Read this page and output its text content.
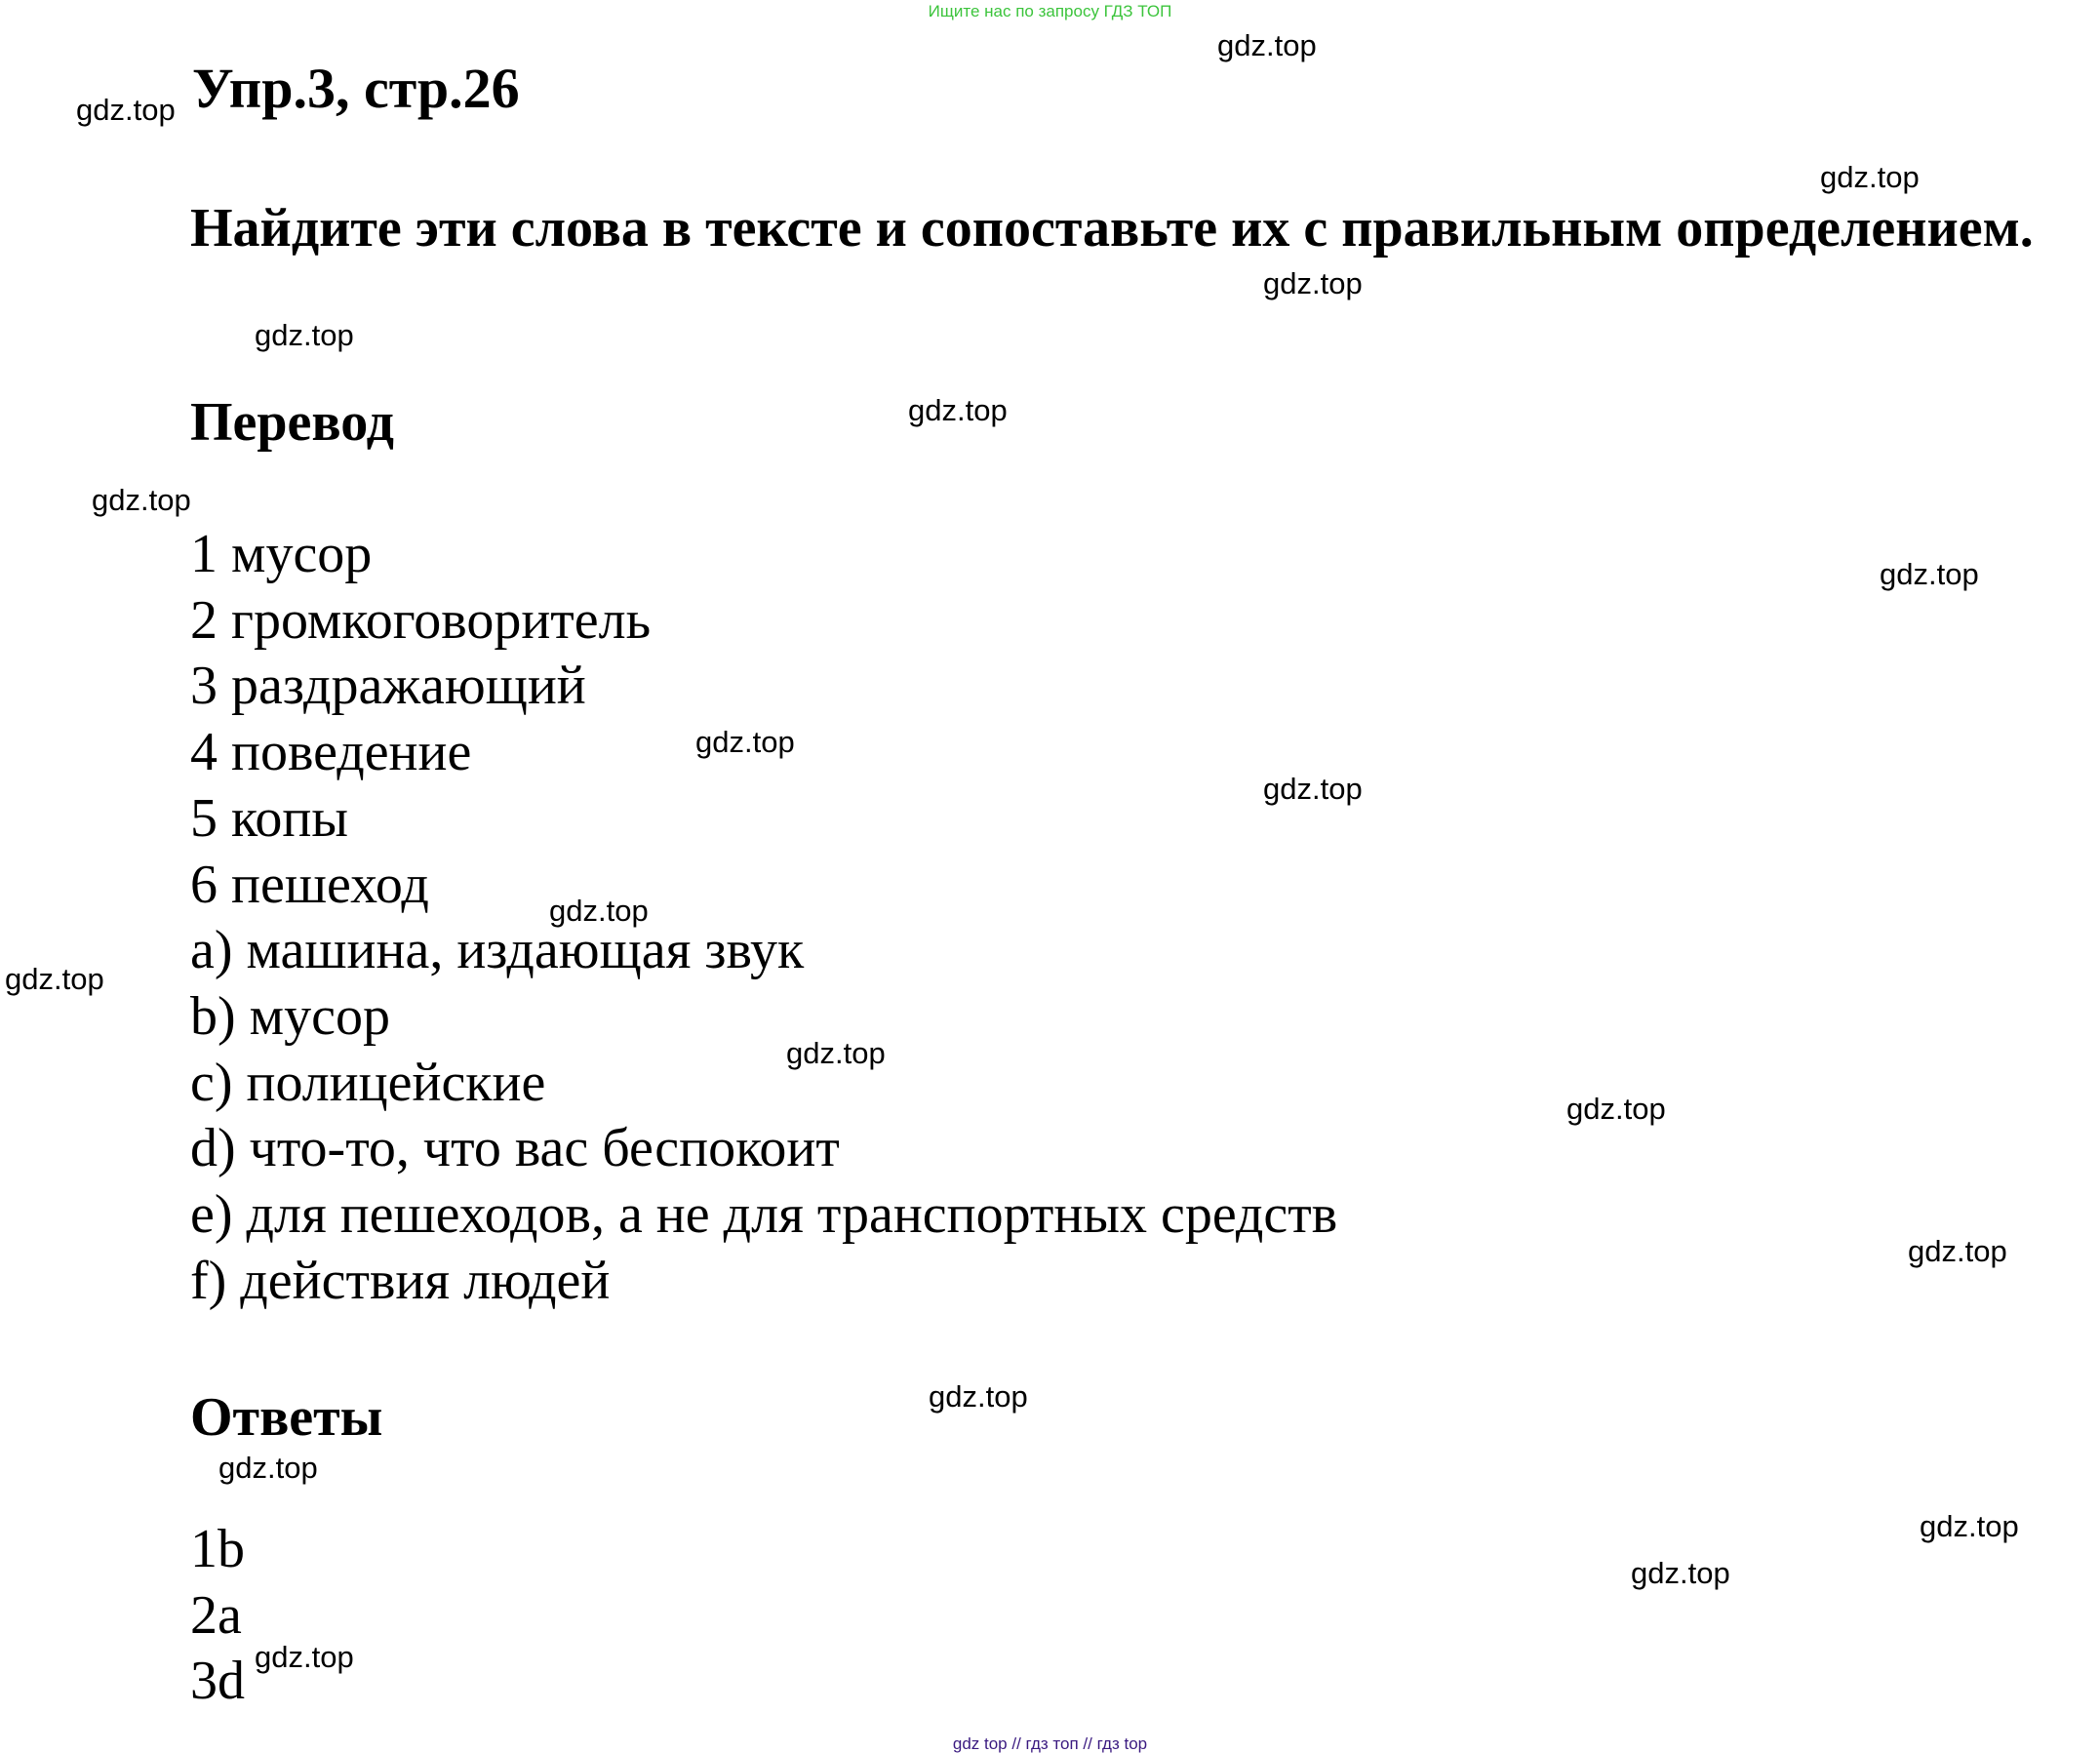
Ищите нас по запросу ГДЗ ТОП
Упр.3, стр.26
Найдите эти слова в тексте и сопоставьте их с правильным определением.
Перевод
1 мусор
2 громкоговоритель
3 раздражающий
4 поведение
5 копы
6 пешеход
a) машина, издающая звук
b) мусор
c) полицейские
d) что-то, что вас беспокоит
e) для пешеходов, а не для транспортных средств
f) действия людей
Ответы
1b
2a
3d
gdz.top
gdz.top
gdz.top
gdz.top
gdz.top
gdz.top
gdz.top
gdz.top
gdz.top
gdz.top
gdz.top
gdz.top
gdz.top
gdz.top
gdz.top
gdz.top
gdz.top
gdz.top
gdz.top
gdz.top
gdz top // гдз топ // гдз top
